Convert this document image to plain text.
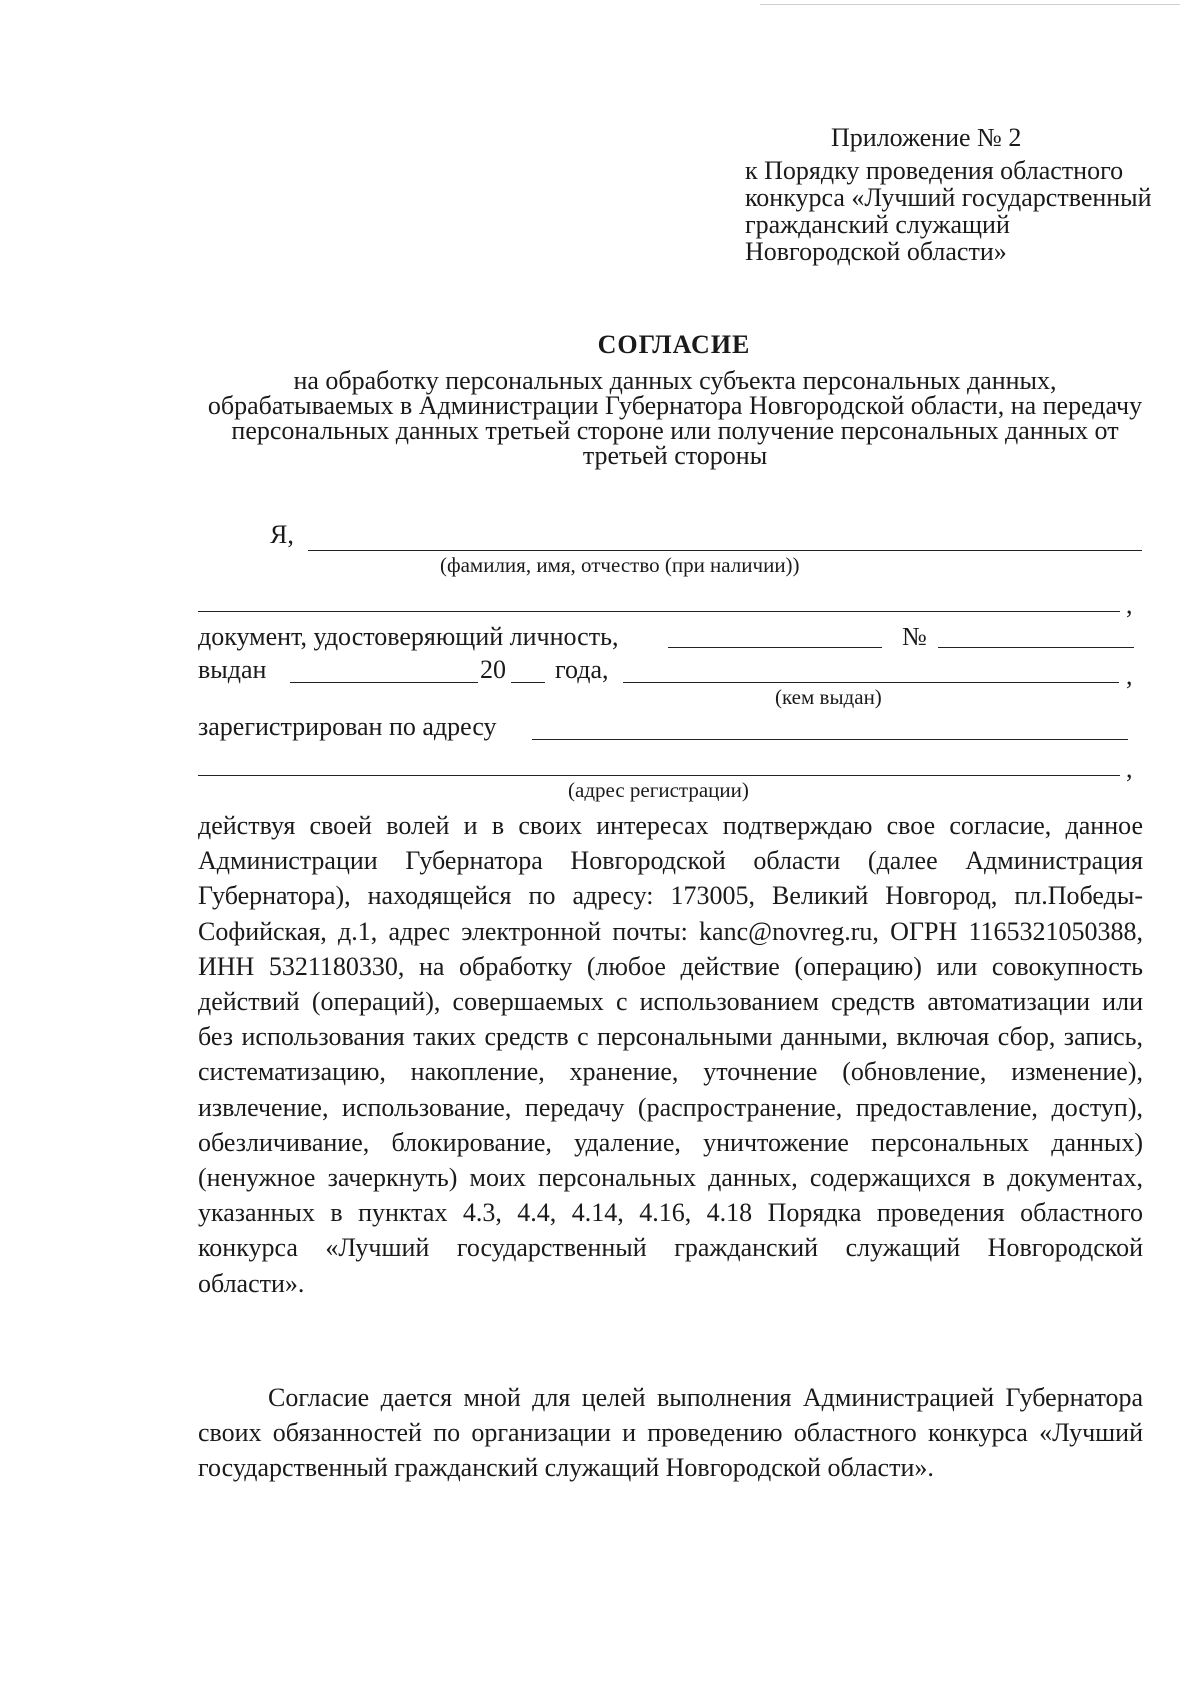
Приложение № 2

к Порядку проведения областного конкурса «Лучший государственный гражданский служащий Новгородской области»

СОГЛАСИЕ
на обработку персональных данных субъекта персональных данных, обрабатываемых в Администрации Губернатора Новгородской области, на передачу персональных данных третьей стороне или получение персональных данных от третьей стороны
Я,
(фамилия, имя, отчество (при наличии))
,
документ, удостоверяющий личность,	№
выдан	20 года,	,
(кем выдан)
зарегистрирован по адресу
,
(адрес регистрации)

действуя своей волей и в своих интересах подтверждаю свое согласие, данное Администрации Губернатора Новгородской области (далее Администрация Губернатора), находящейся по адресу: 173005, Великий Новгород, пл.Победы-Софийская, д.1, адрес электронной почты: kanc@novreg.ru, ОГРН 1165321050388, ИНН 5321180330, на обработку (любое действие (операцию) или совокупность действий (операций), совершаемых с использованием средств автоматизации или без использования таких средств с персональными данными, включая сбор, запись, систематизацию, накопление, хранение, уточнение (обновление, изменение), извлечение, использование, передачу (распространение, предоставление, доступ), обезличивание, блокирование, удаление, уничтожение персональных данных) (ненужное зачеркнуть) моих персональных данных, содержащихся в документах, указанных в пунктах 4.3, 4.4, 4.14, 4.16, 4.18 Порядка проведения областного конкурса «Лучший государственный гражданский служащий Новгородской области».

Согласие дается мной для целей выполнения Администрацией Губернатора своих обязанностей по организации и проведению областного конкурса «Лучший государственный гражданский служащий Новгородской области».
